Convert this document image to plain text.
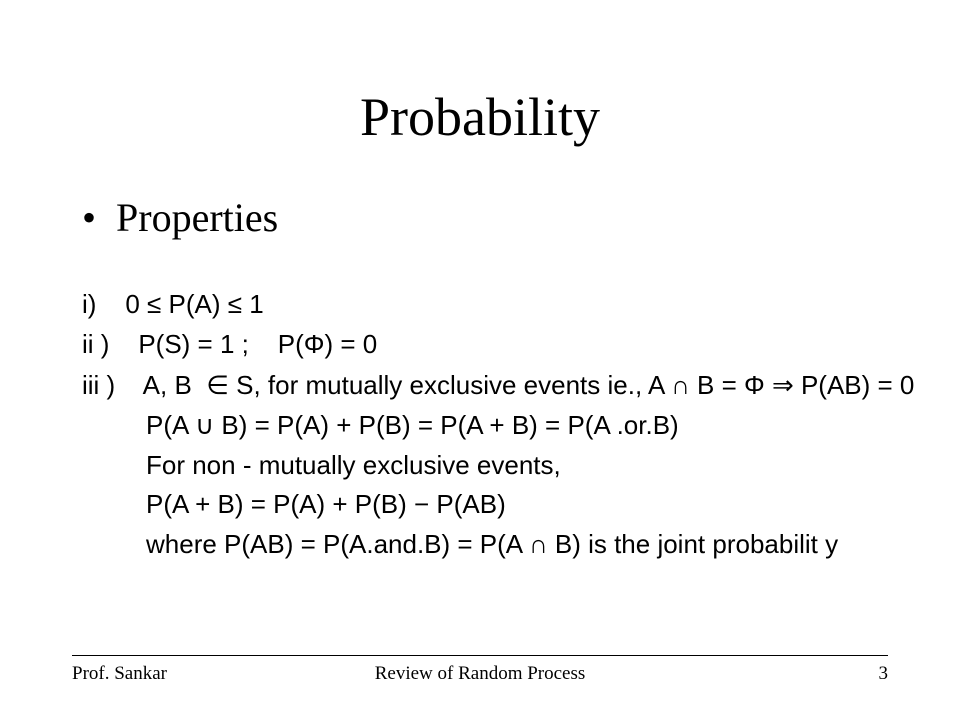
Probability
• Properties
i)    0 ≤ P(A) ≤ 1
ii )    P(S) = 1 ;    P(Φ) = 0
iii )    A, B  ∈ S, for mutually exclusive events ie., A ∩ B = Φ ⇒ P(AB) = 0
P(A ∪ B) = P(A) + P(B) = P(A + B) = P(A .or.B)
For non - mutually exclusive events,
P(A + B) = P(A) + P(B) − P(AB)
where P(AB) = P(A.and.B) = P(A ∩ B) is the joint probabilit y
Prof. Sankar	Review of Random Process	3
